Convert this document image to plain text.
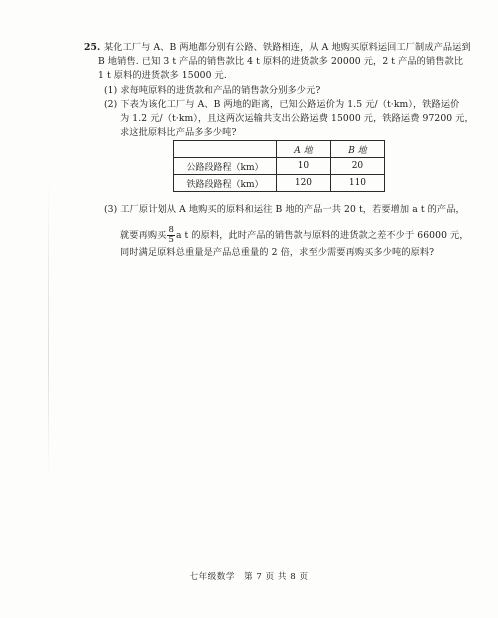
25. 某化工厂与 A、B 两地都分别有公路、铁路相连，从 A 地购买原料运回工厂制成产品运到
B 地销售. 已知 3 t 产品的销售款比 4 t 原料的进货款多 20000 元，2 t 产品的销售款比
1 t 原料的进货款多 15000 元.
(1) 求每吨原料的进货款和产品的销售款分别多少元?
(2) 下表为该化工厂与 A、B 两地的距离，已知公路运价为 1.5 元/（t·km），铁路运价
为 1.2 元/（t·km），且这两次运输共支出公路运费 15000 元，铁路运费 97200 元，
求这批原料比产品多多少吨?
	A 地	B 地
公路段路程（km）	10	20
铁路段路程（km）	120	110
(3) 工厂原计划从 A 地购买的原料和运往 B 地的产品一共 20 t，若要增加 a t 的产品，
就要再购买 $\frac{8}{5}$ a t 的原料，此时产品的销售款与原料的进货款之差不少于 66000 元，
同时满足原料总重量是产品总重量的 2 倍，求至少需要再购买多少吨的原料?
七年级数学　第 7 页 共 8 页
